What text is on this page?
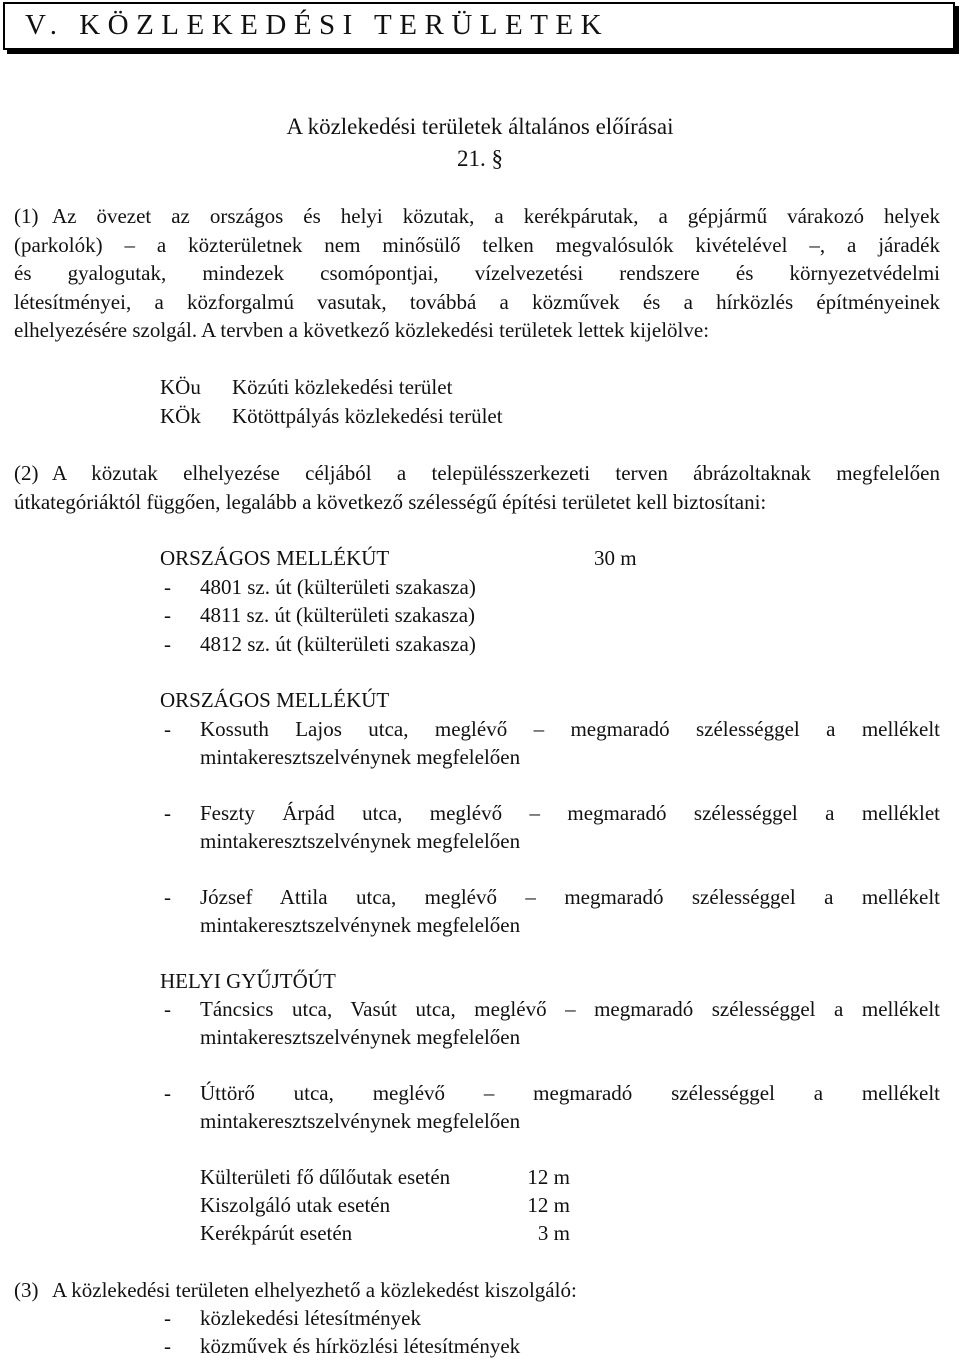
V. KÖZLEKEDÉSI TERÜLETEK
A közlekedési területek általános előírásai
21. §
(1) Az övezet az országos és helyi közutak, a kerékpárutak, a gépjármű várakozó helyek
(parkolók) – a közterületnek nem minősülő telken megvalósulók kivételével –, a járadék
és gyalogutak, mindezek csomópontjai, vízelvezetési rendszere és környezetvédelmi
létesítményei, a közforgalmú vasutak, továbbá a közművek és a hírközlés építményeinek
elhelyezésére szolgál. A tervben a következő közlekedési területek lettek kijelölve:
KÖu Közúti közlekedési terület
KÖk Kötöttpályás közlekedési terület
(2) A közutak elhelyezése céljából a településszerkezeti terven ábrázoltaknak megfelelően
útkategóriáktól függően, legalább a következő szélességű építési területet kell biztosítani:
ORSZÁGOS MELLÉKÚT	30 m
- 4801 sz. út (külterületi szakasza)
- 4811 sz. út (külterületi szakasza)
- 4812 sz. út (külterületi szakasza)
ORSZÁGOS MELLÉKÚT
- Kossuth Lajos utca, meglévő – megmaradó szélességgel a mellékelt
mintakeresztszelvénynek megfelelően
- Feszty Árpád utca, meglévő – megmaradó szélességgel a melléklet
mintakeresztszelvénynek megfelelően
- József Attila utca, meglévő – megmaradó szélességgel a mellékelt
mintakeresztszelvénynek megfelelően
HELYI GYŰJTŐÚT
- Táncsics utca, Vasút utca, meglévő – megmaradó szélességgel a mellékelt
mintakeresztszelvénynek megfelelően
- Úttörő utca, meglévő – megmaradó szélességgel a mellékelt
mintakeresztszelvénynek megfelelően
Külterületi fő dűlőutak esetén	12 m
Kiszolgáló utak esetén	12 m
Kerékpárút esetén	3 m
(3) A közlekedési területen elhelyezhető a közlekedést kiszolgáló:
- közlekedési létesítmények
- közművek és hírközlési létesítmények
